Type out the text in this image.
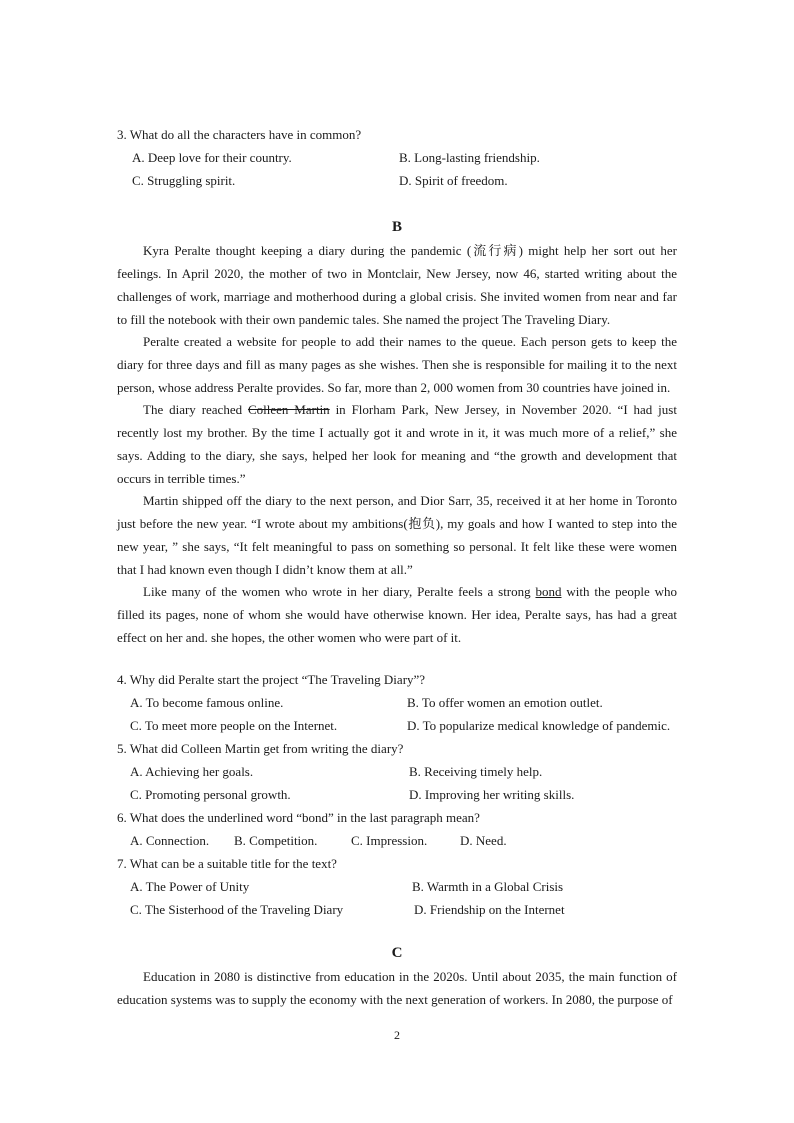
3. What do all the characters have in common?
A. Deep love for their country.	B. Long-lasting friendship.
C. Struggling spirit.	D. Spirit of freedom.
B

Kyra Peralte thought keeping a diary during the pandemic (流行病) might help her sort out her feelings. In April 2020, the mother of two in Montclair, New Jersey, now 46, started writing about the challenges of work, marriage and motherhood during a global crisis. She invited women from near and far to fill the notebook with their own pandemic tales. She named the project The Traveling Diary.

Peralte created a website for people to add their names to the queue. Each person gets to keep the diary for three days and fill as many pages as she wishes. Then she is responsible for mailing it to the next person, whose address Peralte provides. So far, more than 2, 000 women from 30 countries have joined in.

The diary reached Colleen Martin in Florham Park, New Jersey, in November 2020. “I had just recently lost my brother. By the time I actually got it and wrote in it, it was much more of a relief,” she says. Adding to the diary, she says, helped her look for meaning and “the growth and development that occurs in terrible times.”

Martin shipped off the diary to the next person, and Dior Sarr, 35, received it at her home in Toronto just before the new year. “I wrote about my ambitions(抱负), my goals and how I wanted to step into the new year, ” she says, “It felt meaningful to pass on something so personal. It felt like these were women that I had known even though I didn’t know them at all.”

Like many of the women who wrote in her diary, Peralte feels a strong bond with the people who filled its pages, none of whom she would have otherwise known. Her idea, Peralte says, has had a great effect on her and. she hopes, the other women who were part of it.

4. Why did Peralte start the project “The Traveling Diary”?
A. To become famous online.	B. To offer women an emotion outlet.
C. To meet more people on the Internet.	D. To popularize medical knowledge of pandemic.
5. What did Colleen Martin get from writing the diary?
A. Achieving her goals.	B. Receiving timely help.
C. Promoting personal growth.	D. Improving her writing skills.
6. What does the underlined word “bond” in the last paragraph mean?
A. Connection. B. Competition.	C. Impression.	D. Need.
7. What can be a suitable title for the text?
A. The Power of Unity	B. Warmth in a Global Crisis
C. The Sisterhood of the Traveling Diary	D. Friendship on the Internet
C

Education in 2080 is distinctive from education in the 2020s. Until about 2035, the main function of education systems was to supply the economy with the next generation of workers. In 2080, the purpose of

2
